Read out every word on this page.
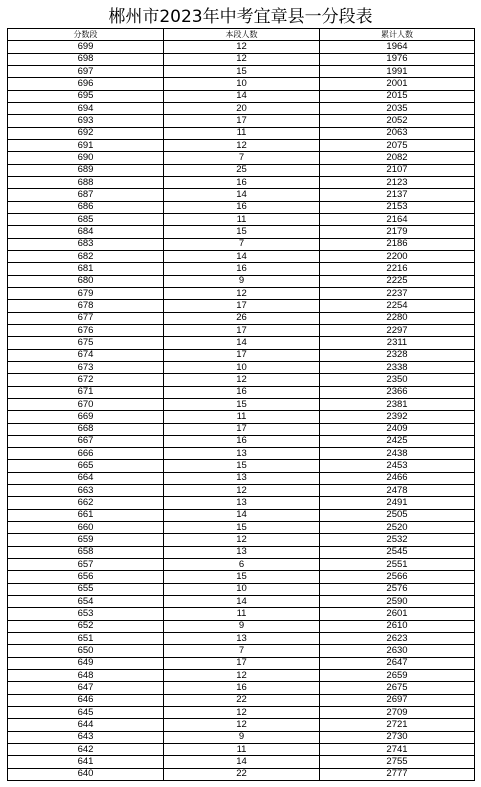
郴州市2023年中考宜章县一分段表
分数段	本段人数	累计人数
699	12	1964
698	12	1976
697	15	1991
696	10	2001
695	14	2015
694	20	2035
693	17	2052
692	11	2063
691	12	2075
690	7	2082
689	25	2107
688	16	2123
687	14	2137
686	16	2153
685	11	2164
684	15	2179
683	7	2186
682	14	2200
681	16	2216
680	9	2225
679	12	2237
678	17	2254
677	26	2280
676	17	2297
675	14	2311
674	17	2328
673	10	2338
672	12	2350
671	16	2366
670	15	2381
669	11	2392
668	17	2409
667	16	2425
666	13	2438
665	15	2453
664	13	2466
663	12	2478
662	13	2491
661	14	2505
660	15	2520
659	12	2532
658	13	2545
657	6	2551
656	15	2566
655	10	2576
654	14	2590
653	11	2601
652	9	2610
651	13	2623
650	7	2630
649	17	2647
648	12	2659
647	16	2675
646	22	2697
645	12	2709
644	12	2721
643	9	2730
642	11	2741
641	14	2755
640	22	2777
